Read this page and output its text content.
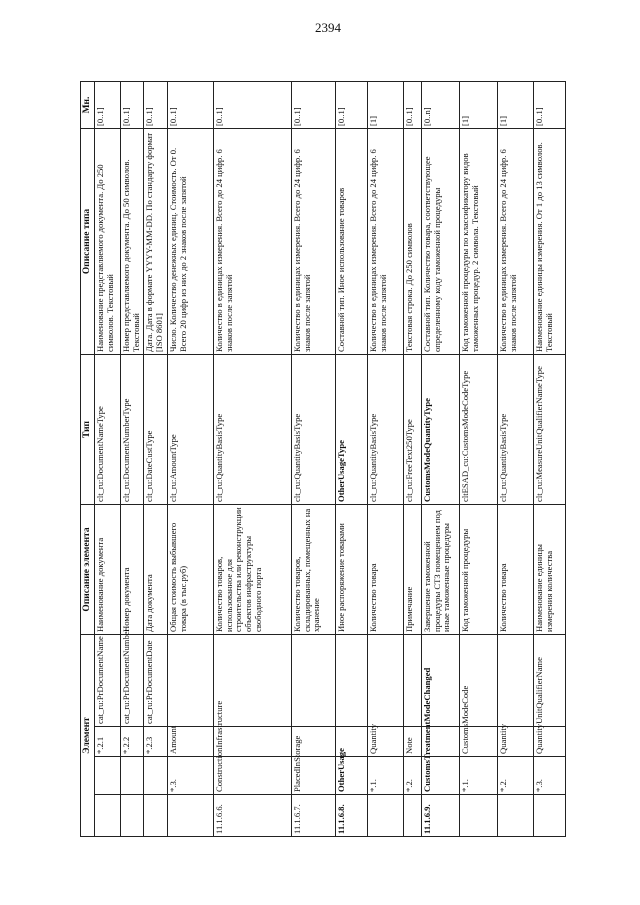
2394
Элемент				Описание элемента	Тип	Описание типа	Мн.
		*.2.1	cat_ru:PrDocumentName	Наименование документа	clt_ru:DocumentNameType	Наименование представляемого документа. До 250 символов. Текстовый	[0..1]
		*.2.2	cat_ru:PrDocumentNumber	Номер документа	clt_ru:DocumentNumberType	Номер представляемого документа. До 50 символов. Текстовый	[0..1]
		*.2.3	cat_ru:PrDocumentDate	Дата документа	clt_ru:DateCustType	Дата. Дата в формате YYYY-MM-DD. По стандарту формат [ISO 8601]	[0..1]
	*.3.	Amount		Общая стоимость выбывшего товара (в тыс.руб)	clt_ru:AmountType	Число. Количество денежных единиц. Стоимость. От 0. Всего 20 цифр из них до 2 знаков после запятой	[0..1]
11.1.6.6.	ConstructionInfrastructure			Количество товаров, использованное для строительства или реконструкции объектов инфраструктуры свободного порта	clt_ru:QuantityBasisType	Количество в единицах измерения. Всего до 24 цифр. 6 знаков после запятой	[0..1]
11.1.6.7.	PlacedInStorage			Количество товаров, складированных, помещенных на хранение	clt_ru:QuantityBasisType	Количество в единицах измерения. Всего до 24 цифр. 6 знаков после запятой	[0..1]
11.1.6.8.	OtherUsage			Иное распоряжение товарами	OtherUsageType	Составной тип. Иное использование товаров	[0..1]
	*.1.	Quantity		Количество товара	clt_ru:QuantityBasisType	Количество в единицах измерения. Всего до 24 цифр. 6 знаков после запятой	[1]
	*.2.	Note		Примечание	clt_ru:FreeText250Type	Текстовая строка. До 250 символов	[0..1]
11.1.6.9.	CustomsTreatmentModeChanged			Завершение таможенной процедуры СТЗ помещением под иные таможенные процедуры	CustomsModeQuantityType	Составной тип. Количество товара, соответствующее определенному коду таможенной процедуры	[0..n]
	*.1.	CustomsModeCode		Код таможенной процедуры	cltESAD_cu:CustomsModeCodeType	Код таможенной процедуры по классификатору видов таможенных процедур. 2 символа. Текстовый	[1]
	*.2.	Quantity		Количество товара	clt_ru:QuantityBasisType	Количество в единицах измерения. Всего до 24 цифр. 6 знаков после запятой	[1]
	*.3.	QuantityUnitQualifierName		Наименование единицы измерения количества	clt_ru:MeasureUnitQualifierNameType	Наименование единицы измерения. От 1 до 13 символов. Текстовый	[0..1]
